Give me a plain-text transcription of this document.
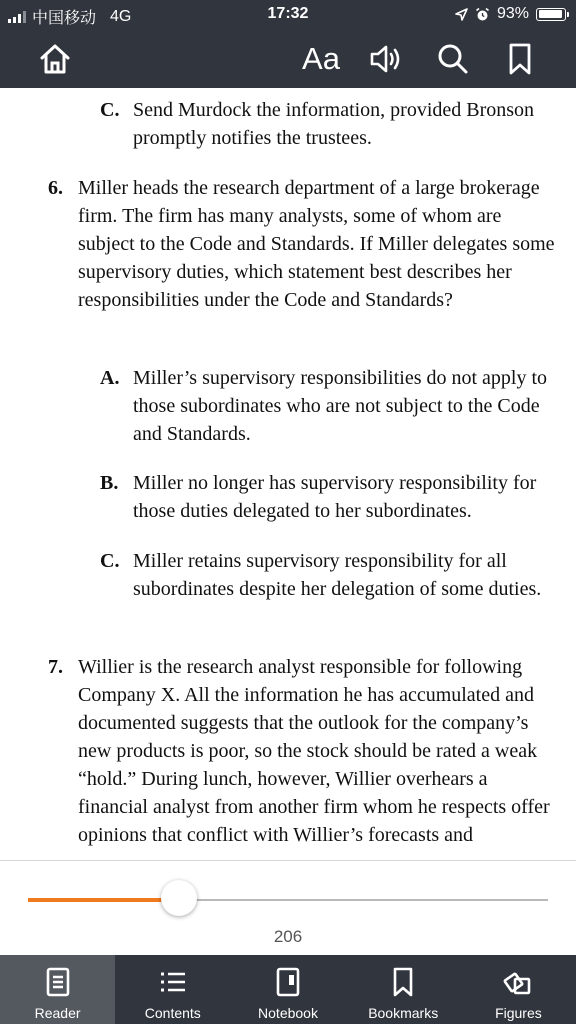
中国移动 4G	17:32	93%
Aa
C. Send Murdock the information, provided Bronson promptly notifies the trustees.
6. Miller heads the research department of a large brokerage firm. The firm has many analysts, some of whom are subject to the Code and Standards. If Miller delegates some supervisory duties, which statement best describes her responsibilities under the Code and Standards?
A. Miller’s supervisory responsibilities do not apply to those subordinates who are not subject to the Code and Standards.
B. Miller no longer has supervisory responsibility for those duties delegated to her subordinates.
C. Miller retains supervisory responsibility for all subordinates despite her delegation of some duties.
7. Willier is the research analyst responsible for following Company X. All the information he has accumulated and documented suggests that the outlook for the company’s new products is poor, so the stock should be rated a weak “hold.” During lunch, however, Willier overhears a financial analyst from another firm whom he respects offer opinions that conflict with Willier’s forecasts and
206
Reader	Contents	Notebook	Bookmarks	Figures
